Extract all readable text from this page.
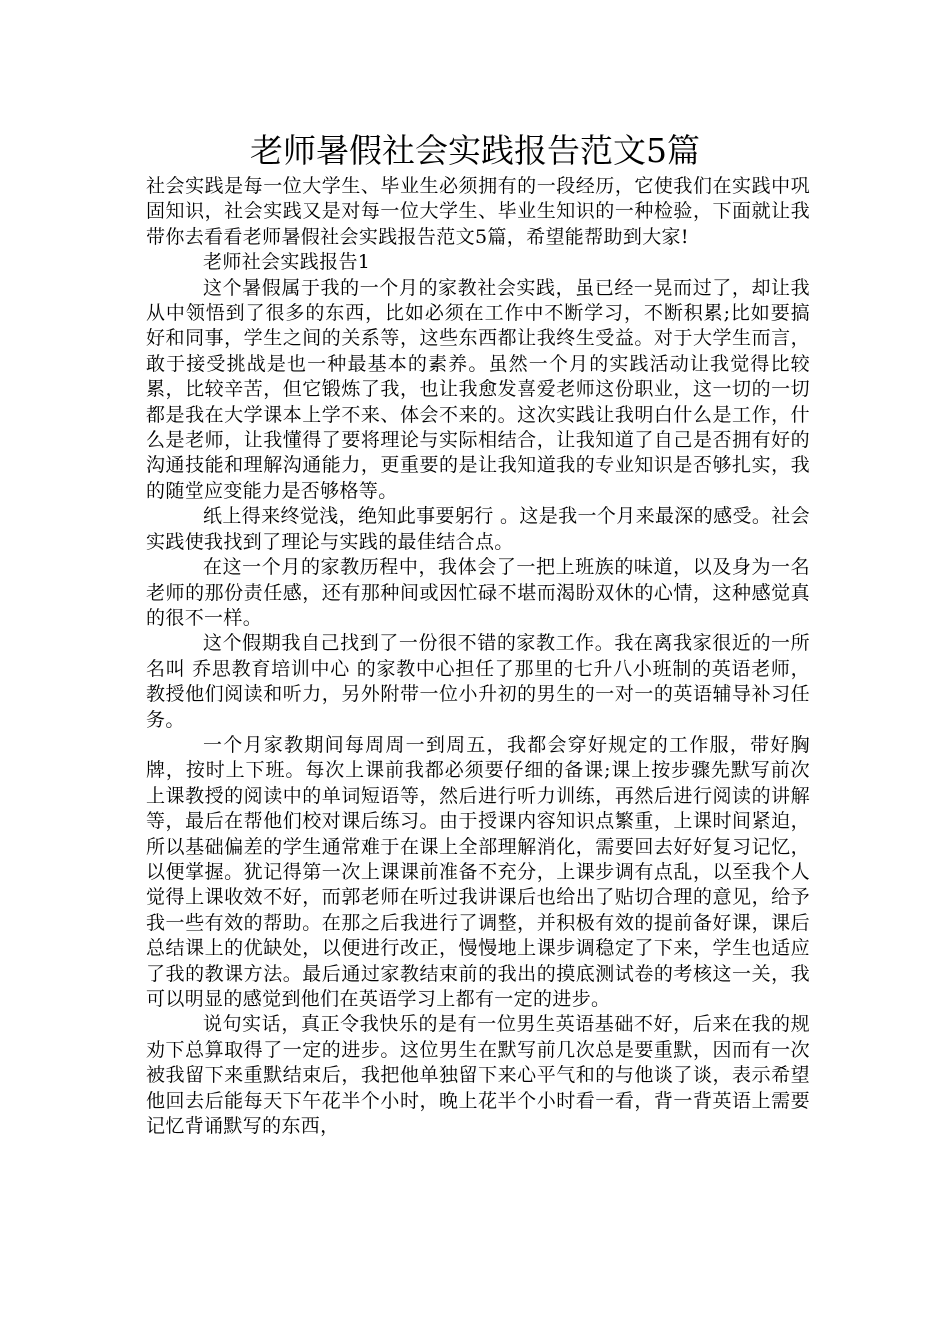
老师暑假社会实践报告范文5篇

社会实践是每一位大学生、毕业生必须拥有的一段经历，它使我们在实践中巩固知识，社会实践又是对每一位大学生、毕业生知识的一种检验，下面就让我带你去看看老师暑假社会实践报告范文5篇，希望能帮助到大家!

老师社会实践报告1

这个暑假属于我的一个月的家教社会实践，虽已经一晃而过了，却让我从中领悟到了很多的东西，比如必须在工作中不断学习，不断积累;比如要搞好和同事，学生之间的关系等，这些东西都让我终生受益。对于大学生而言，敢于接受挑战是也一种最基本的素养。虽然一个月的实践活动让我觉得比较累，比较辛苦，但它锻炼了我，也让我愈发喜爱老师这份职业，这一切的一切都是我在大学课本上学不来、体会不来的。这次实践让我明白什么是工作，什么是老师，让我懂得了要将理论与实际相结合，让我知道了自己是否拥有好的沟通技能和理解沟通能力，更重要的是让我知道我的专业知识是否够扎实，我的随堂应变能力是否够格等。

纸上得来终觉浅，绝知此事要躬行 。这是我一个月来最深的感受。社会实践使我找到了理论与实践的最佳结合点。

在这一个月的家教历程中，我体会了一把上班族的味道，以及身为一名老师的那份责任感，还有那种间或因忙碌不堪而渴盼双休的心情，这种感觉真的很不一样。

这个假期我自己找到了一份很不错的家教工作。我在离我家很近的一所名叫 乔思教育培训中心 的家教中心担任了那里的七升八小班制的英语老师，教授他们阅读和听力，另外附带一位小升初的男生的一对一的英语辅导补习任务。

一个月家教期间每周周一到周五，我都会穿好规定的工作服，带好胸牌，按时上下班。每次上课前我都必须要仔细的备课;课上按步骤先默写前次上课教授的阅读中的单词短语等，然后进行听力训练，再然后进行阅读的讲解等，最后在帮他们校对课后练习。由于授课内容知识点繁重，上课时间紧迫，所以基础偏差的学生通常难于在课上全部理解消化，需要回去好好复习记忆，以便掌握。犹记得第一次上课课前准备不充分，上课步调有点乱，以至我个人觉得上课收效不好，而郭老师在听过我讲课后也给出了贴切合理的意见，给予我一些有效的帮助。在那之后我进行了调整，并积极有效的提前备好课，课后总结课上的优缺处，以便进行改正，慢慢地上课步调稳定了下来，学生也适应了我的教课方法。最后通过家教结束前的我出的摸底测试卷的考核这一关，我可以明显的感觉到他们在英语学习上都有一定的进步。

说句实话，真正令我快乐的是有一位男生英语基础不好，后来在我的规劝下总算取得了一定的进步。这位男生在默写前几次总是要重默，因而有一次被我留下来重默结束后，我把他单独留下来心平气和的与他谈了谈，表示希望他回去后能每天下午花半个小时，晚上花半个小时看一看，背一背英语上需要记忆背诵默写的东西，
